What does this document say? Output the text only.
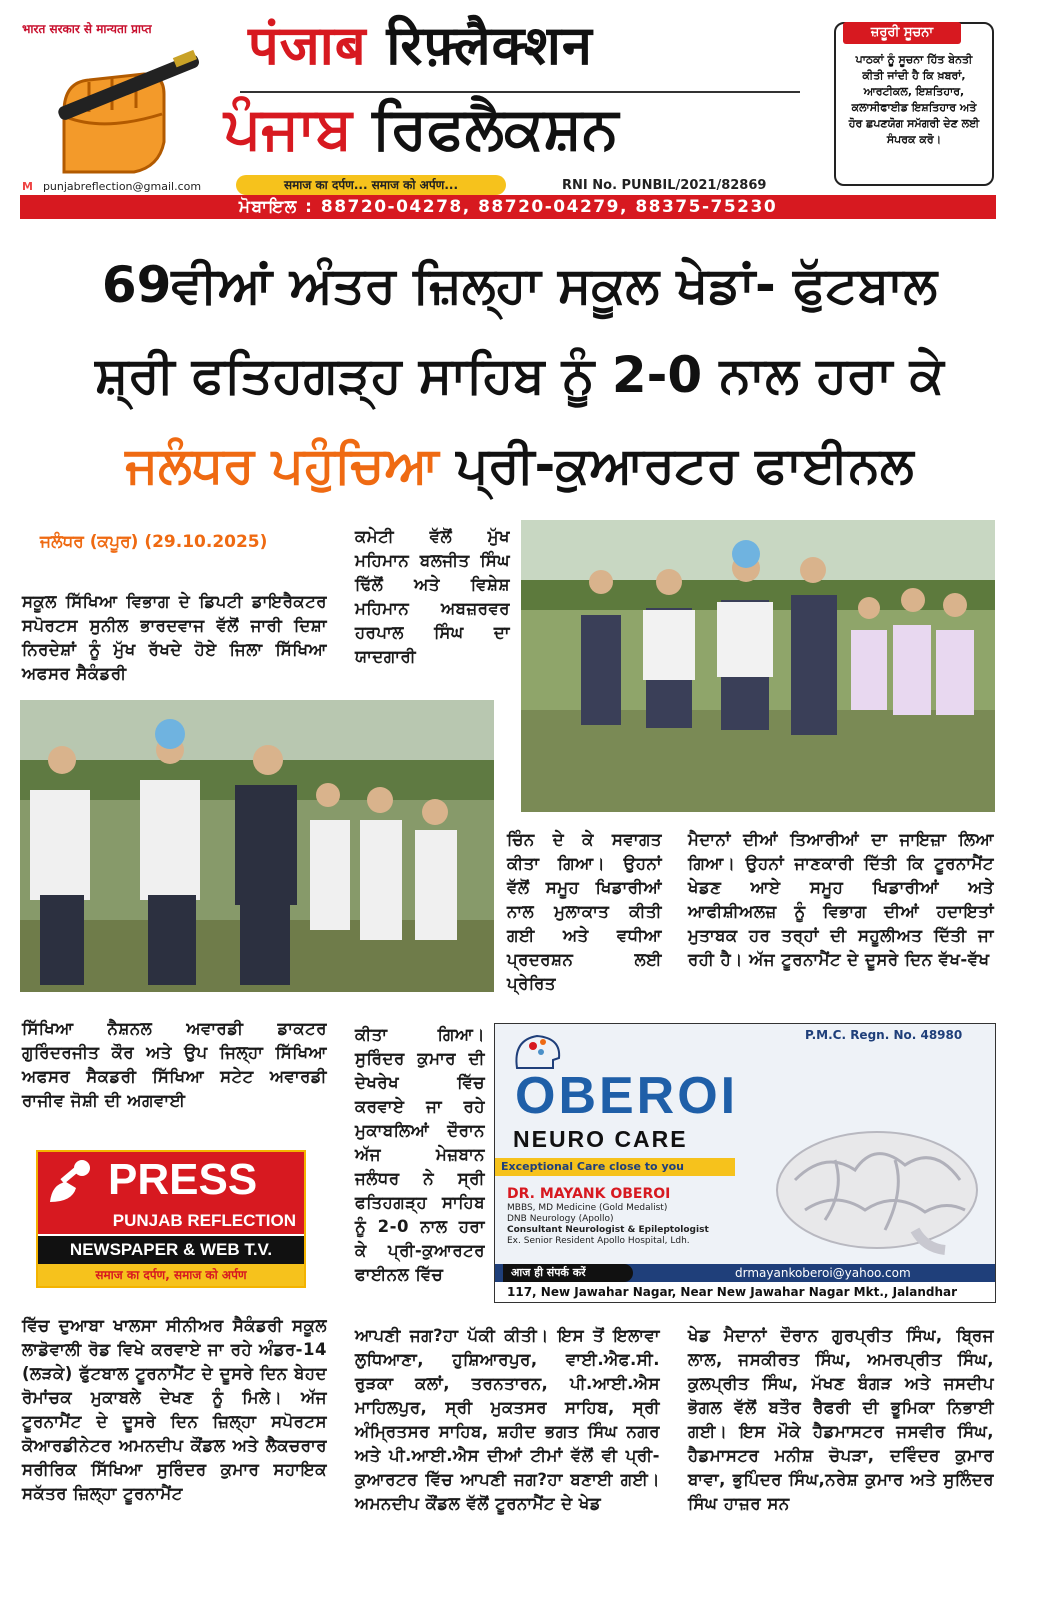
भारत सरकार से मान्यता प्राप्त पंजाब रिफ़्लैक्शन
ਪੰਜਾਬ ਰਿਫਲੈਕਸ਼ਨ
M punjabreflection@gmail.com	समाज का दर्पण... समाज को अर्पण...	RNI No. PUNBIL/2021/82869
ਜ਼ਰੂਰੀ ਸੂਚਨਾ
ਪਾਠਕਾਂ ਨੂੰ ਸੂਚਨਾ ਹਿੱਤ ਬੇਨਤੀ ਕੀਤੀ ਜਾਂਦੀ ਹੈ ਕਿ ਖ਼ਬਰਾਂ, ਆਰਟੀਕਲ, ਇਸ਼ਤਿਹਾਰ, ਕਲਾਸੀਫਾਈਡ ਇਸ਼ਤਿਹਾਰ ਅਤੇ ਹੋਰ ਛਪਣਯੋਗ ਸਮੱਗਰੀ ਦੇਣ ਲਈ ਸੰਪਰਕ ਕਰੋ।
ਮੋਬਾਇਲ : 88720-04278, 88720-04279, 88375-75230
69ਵੀਆਂ ਅੰਤਰ ਜ਼ਿਲ੍ਹਾ ਸਕੂਲ ਖੇਡਾਂ- ਫੁੱਟਬਾਲ
ਸ਼੍ਰੀ ਫਤਿਹਗੜ੍ਹ ਸਾਹਿਬ ਨੂੰ 2-0 ਨਾਲ ਹਰਾ ਕੇ
ਜਲੰਧਰ ਪਹੁੰਚਿਆ ਪ੍ਰੀ-ਕੁਆਰਟਰ ਫਾਈਨਲ
ਜਲੰਧਰ (ਕਪੂਰ) (29.10.2025)
ਸਕੂਲ ਸਿੱਖਿਆ ਵਿਭਾਗ ਦੇ ਡਿਪਟੀ ਡਾਇਰੈਕਟਰ ਸਪੋਰਟਸ ਸੁਨੀਲ ਭਾਰਦਵਾਜ ਵੱਲੋਂ ਜਾਰੀ ਦਿਸ਼ਾ ਨਿਰਦੇਸ਼ਾਂ ਨੂੰ ਮੁੱਖ ਰੱਖਦੇ ਹੋਏ ਜਿਲਾ ਸਿੱਖਿਆ ਅਫਸਰ ਸੈਕੰਡਰੀ
ਕਮੇਟੀ ਵੱਲੋਂ ਮੁੱਖ ਮਹਿਮਾਨ ਬਲਜੀਤ ਸਿੰਘ ਢਿੱਲੋਂ ਅਤੇ ਵਿਸ਼ੇਸ਼ ਮਹਿਮਾਨ ਅਬਜ਼ਰਵਰ ਹਰਪਾਲ ਸਿੰਘ ਦਾ ਯਾਦਗਾਰੀ
ਚਿੰਨ ਦੇ ਕੇ ਸਵਾਗਤ ਕੀਤਾ ਗਿਆ। ਉਹਨਾਂ ਵੱਲੋਂ ਸਮੂਹ ਖਿਡਾਰੀਆਂ ਨਾਲ ਮੁਲਾਕਾਤ ਕੀਤੀ ਗਈ ਅਤੇ ਵਧੀਆ ਪ੍ਰਦਰਸ਼ਨ ਲਈ ਪ੍ਰੇਰਿਤ
ਮੈਦਾਨਾਂ ਦੀਆਂ ਤਿਆਰੀਆਂ ਦਾ ਜਾਇਜ਼ਾ ਲਿਆ ਗਿਆ। ਉਹਨਾਂ ਜਾਣਕਾਰੀ ਦਿੱਤੀ ਕਿ ਟੂਰਨਾਮੈਂਟ ਖੇਡਣ ਆਏ ਸਮੂਹ ਖਿਡਾਰੀਆਂ ਅਤੇ ਆਫੀਸ਼ੀਅਲਜ਼ ਨੂੰ ਵਿਭਾਗ ਦੀਆਂ ਹਦਾਇਤਾਂ ਮੁਤਾਬਕ ਹਰ ਤਰ੍ਹਾਂ ਦੀ ਸਹੂਲੀਅਤ ਦਿੱਤੀ ਜਾ ਰਹੀ ਹੈ। ਅੱਜ ਟੂਰਨਾਮੈਂਟ ਦੇ ਦੂਸਰੇ ਦਿਨ ਵੱਖ-ਵੱਖ
ਸਿੱਖਿਆ ਨੈਸ਼ਨਲ ਅਵਾਰਡੀ ਡਾਕਟਰ ਗੁਰਿੰਦਰਜੀਤ ਕੌਰ ਅਤੇ ਉਪ ਜਿਲ੍ਹਾ ਸਿੱਖਿਆ ਅਫਸਰ ਸੈਕਡਰੀ ਸਿੱਖਿਆ ਸਟੇਟ ਅਵਾਰਡੀ ਰਾਜੀਵ ਜੋਸ਼ੀ ਦੀ ਅਗਵਾਈ
ਕੀਤਾ ਗਿਆ। ਸੁਰਿੰਦਰ ਕੁਮਾਰ ਦੀ ਦੇਖਰੇਖ ਵਿੱਚ ਕਰਵਾਏ ਜਾ ਰਹੇ ਮੁਕਾਬਲਿਆਂ ਦੌਰਾਨ ਅੱਜ ਮੇਜ਼ਬਾਨ ਜਲੰਧਰ ਨੇ ਸ੍ਰੀ ਫਤਿਹਗੜ੍ਹ ਸਾਹਿਬ ਨੂੰ 2-0 ਨਾਲ ਹਰਾ ਕੇ ਪ੍ਰੀ-ਕੁਆਰਟਰ ਫਾਈਨਲ ਵਿੱਚ
PRESS
PUNJAB REFLECTION
NEWSPAPER & WEB T.V.
समाज का दर्पण, समाज को अर्पण
P.M.C. Regn. No. 48980
OBEROI
NEURO CARE
Exceptional Care close to you
DR. MAYANK OBEROI
MBBS, MD Medicine (Gold Medalist)
DNB Neurology (Apollo)
Consultant Neurologist & Epileptologist
Ex. Senior Resident Apollo Hospital, Ldh.
आज ही संपर्क करें	drmayankoberoi@yahoo.com
117, New Jawahar Nagar, Near New Jawahar Nagar Mkt., Jalandhar
ਵਿੱਚ ਦੁਆਬਾ ਖਾਲਸਾ ਸੀਨੀਅਰ ਸੈਕੰਡਰੀ ਸਕੂਲ ਲਾਡੋਵਾਲੀ ਰੋਡ ਵਿਖੇ ਕਰਵਾਏ ਜਾ ਰਹੇ ਅੰਡਰ-14 (ਲੜਕੇ) ਫੁੱਟਬਾਲ ਟੂਰਨਾਮੈਂਟ ਦੇ ਦੂਸਰੇ ਦਿਨ ਬੇਹਦ ਰੋਮਾਂਚਕ ਮੁਕਾਬਲੇ ਦੇਖਣ ਨੂੰ ਮਿਲੇ। ਅੱਜ ਟੂਰਨਾਮੈਂਟ ਦੇ ਦੂਸਰੇ ਦਿਨ ਜ਼ਿਲ੍ਹਾ ਸਪੋਰਟਸ ਕੋਆਰਡੀਨੇਟਰ ਅਮਨਦੀਪ ਕੌਂਡਲ ਅਤੇ ਲੈਕਚਰਾਰ ਸਰੀਰਿਕ ਸਿੱਖਿਆ ਸੁਰਿੰਦਰ ਕੁਮਾਰ ਸਹਾਇਕ ਸਕੱਤਰ ਜ਼ਿਲ੍ਹਾ ਟੂਰਨਾਮੈਂਟ
ਆਪਣੀ ਜਗ?ਹਾ ਪੱਕੀ ਕੀਤੀ। ਇਸ ਤੋਂ ਇਲਾਵਾ ਲੁਧਿਆਣਾ, ਹੁਸ਼ਿਆਰਪੁਰ, ਵਾਈ.ਐਫ.ਸੀ. ਰੁੜਕਾ ਕਲਾਂ, ਤਰਨਤਾਰਨ, ਪੀ.ਆਈ.ਐਸ ਮਾਹਿਲਪੁਰ, ਸ੍ਰੀ ਮੁਕਤਸਰ ਸਾਹਿਬ, ਸ੍ਰੀ ਅੰਮ੍ਰਿਤਸਰ ਸਾਹਿਬ, ਸ਼ਹੀਦ ਭਗਤ ਸਿੰਘ ਨਗਰ ਅਤੇ ਪੀ.ਆਈ.ਐਸ ਦੀਆਂ ਟੀਮਾਂ ਵੱਲੋਂ ਵੀ ਪ੍ਰੀ-ਕੁਆਰਟਰ ਵਿੱਚ ਆਪਣੀ ਜਗ?ਹਾ ਬਣਾਈ ਗਈ। ਅਮਨਦੀਪ ਕੌਂਡਲ ਵੱਲੋਂ ਟੂਰਨਾਮੈਂਟ ਦੇ ਖੇਡ
ਖੇਡ ਮੈਦਾਨਾਂ ਦੌਰਾਨ ਗੁਰਪ੍ਰੀਤ ਸਿੰਘ, ਬ੍ਰਿਜ ਲਾਲ, ਜਸਕੀਰਤ ਸਿੰਘ, ਅਮਰਪ੍ਰੀਤ ਸਿੰਘ, ਕੁਲਪ੍ਰੀਤ ਸਿੰਘ, ਮੱਖਣ ਬੰਗੜ ਅਤੇ ਜਸਦੀਪ ਭੋਗਲ ਵੱਲੋਂ ਬਤੌਰ ਰੈਫਰੀ ਦੀ ਭੂਮਿਕਾ ਨਿਭਾਈ ਗਈ। ਇਸ ਮੌਕੇ ਹੈਡਮਾਸਟਰ ਜਸਵੀਰ ਸਿੰਘ, ਹੈਡਮਾਸਟਰ ਮਨੀਸ਼ ਚੋਪੜਾ, ਦਵਿੰਦਰ ਕੁਮਾਰ ਬਾਵਾ, ਭੁਪਿੰਦਰ ਸਿੰਘ,ਨਰੇਸ਼ ਕੁਮਾਰ ਅਤੇ ਸੁਲਿੰਦਰ ਸਿੰਘ ਹਾਜ਼ਰ ਸਨ
